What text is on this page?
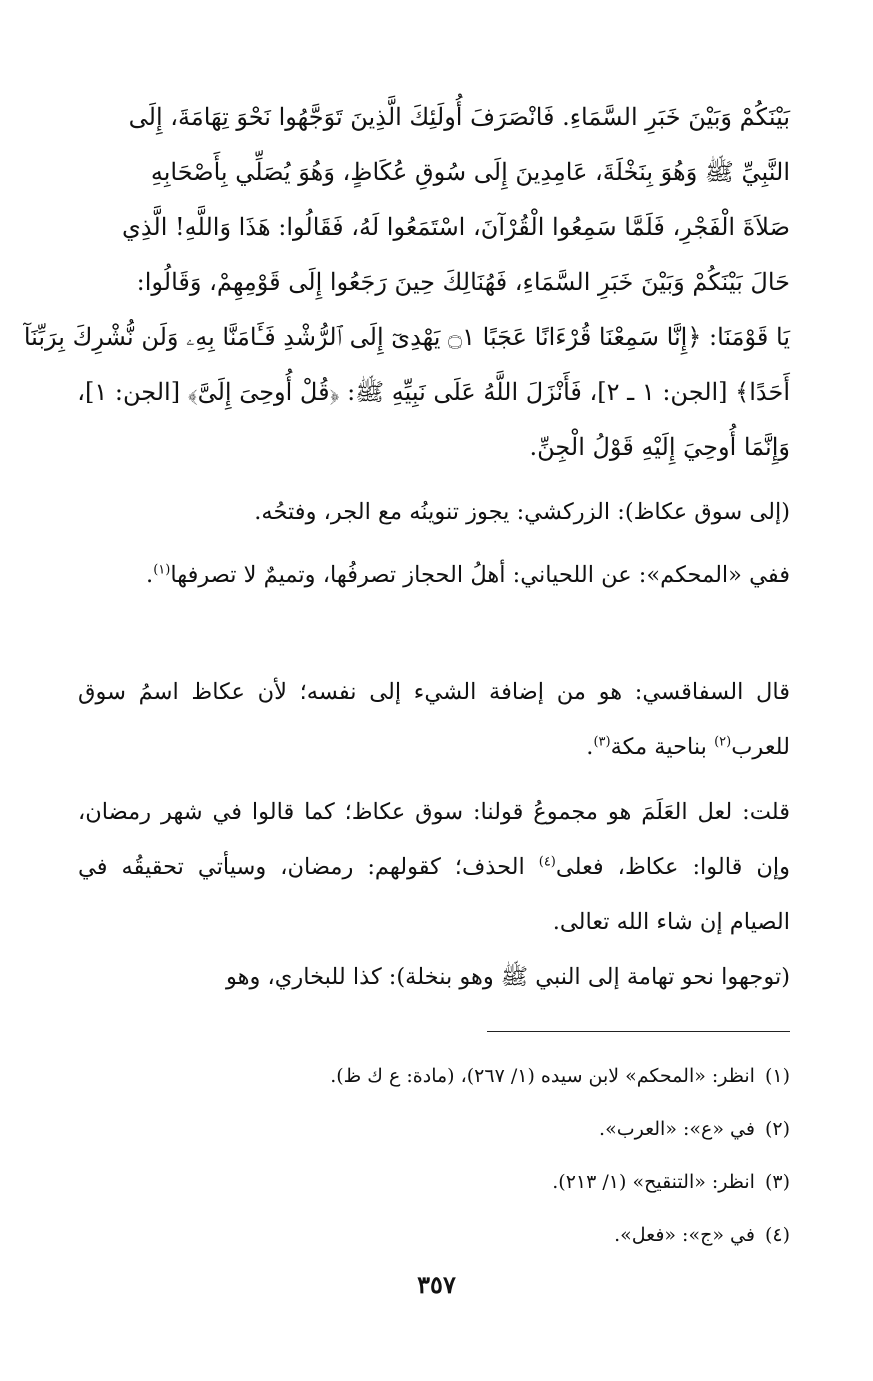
بَيْنَكُمْ وَبَيْنَ خَبَرِ السَّمَاءِ. فَانْصَرَفَ أُولَئِكَ الَّذِينَ تَوَجَّهُوا نَحْوَ تِهَامَةَ، إِلَى
النَّبِيِّ ﷺ وَهُوَ بِنَخْلَةَ، عَامِدِينَ إِلَى سُوقِ عُكَاظٍ، وَهُوَ يُصَلِّي بِأَصْحَابِهِ
صَلاَةَ الْفَجْرِ، فَلَمَّا سَمِعُوا الْقُرْآنَ، اسْتَمَعُوا لَهُ، فَقَالُوا: هَذَا وَاللَّهِ! الَّذِي
حَالَ بَيْنَكُمْ وَبَيْنَ خَبَرِ السَّمَاءِ، فَهُنَالِكَ حِينَ رَجَعُوا إِلَى قَوْمِهِمْ، وَقَالُوا:
يَا قَوْمَنَا: ﴿إِنَّا سَمِعْنَا قُرْءَانًا عَجَبًا ۝١ يَهْدِىٓ إِلَى ٱلرُّشْدِ فَـَٔامَنَّا بِهِۦ وَلَن نُّشْرِكَ بِرَبِّنَآ
أَحَدًا﴾ [الجن: ١ ـ ٢]، فَأَنْزَلَ اللَّهُ عَلَى نَبِيِّهِ ﷺ: ﴿قُلْ أُوحِىَ إِلَىَّ﴾ [الجن: ١]،
وَإِنَّمَا أُوحِيَ إِلَيْهِ قَوْلُ الْجِنِّ.

(إلى سوق عكاظ): الزركشي: يجوز تنوينُه مع الجر، وفتحُه.

ففي «المحكم»: عن اللحياني: أهلُ الحجاز تصرفُها، وتميمٌ لا تصرفها$^{(١)}$.

قال السفاقسي: هو من إضافة الشيء إلى نفسه؛ لأن عكاظ اسمُ سوق للعرب$^{(٢)}$ بناحية مكة$^{(٣)}$.

قلت: لعل العَلَمَ هو مجموعُ قولنا: سوق عكاظ؛ كما قالوا في شهر رمضان، وإن قالوا: عكاظ، فعلى$^{(٤)}$ الحذف؛ كقولهم: رمضان، وسيأتي تحقيقُه في الصيام إن شاء الله تعالى.

(توجهوا نحو تهامة إلى النبي ﷺ وهو بنخلة): كذا للبخاري، وهو

(١)انظر: «المحكم» لابن سيده (١/ ٢٦٧)، (مادة: ع ك ظ).
(٢)في «ع»: «العرب».
(٣)انظر: «التنقيح» (١/ ٢١٣).
(٤)في «ج»: «فعل».
٣٥٧
